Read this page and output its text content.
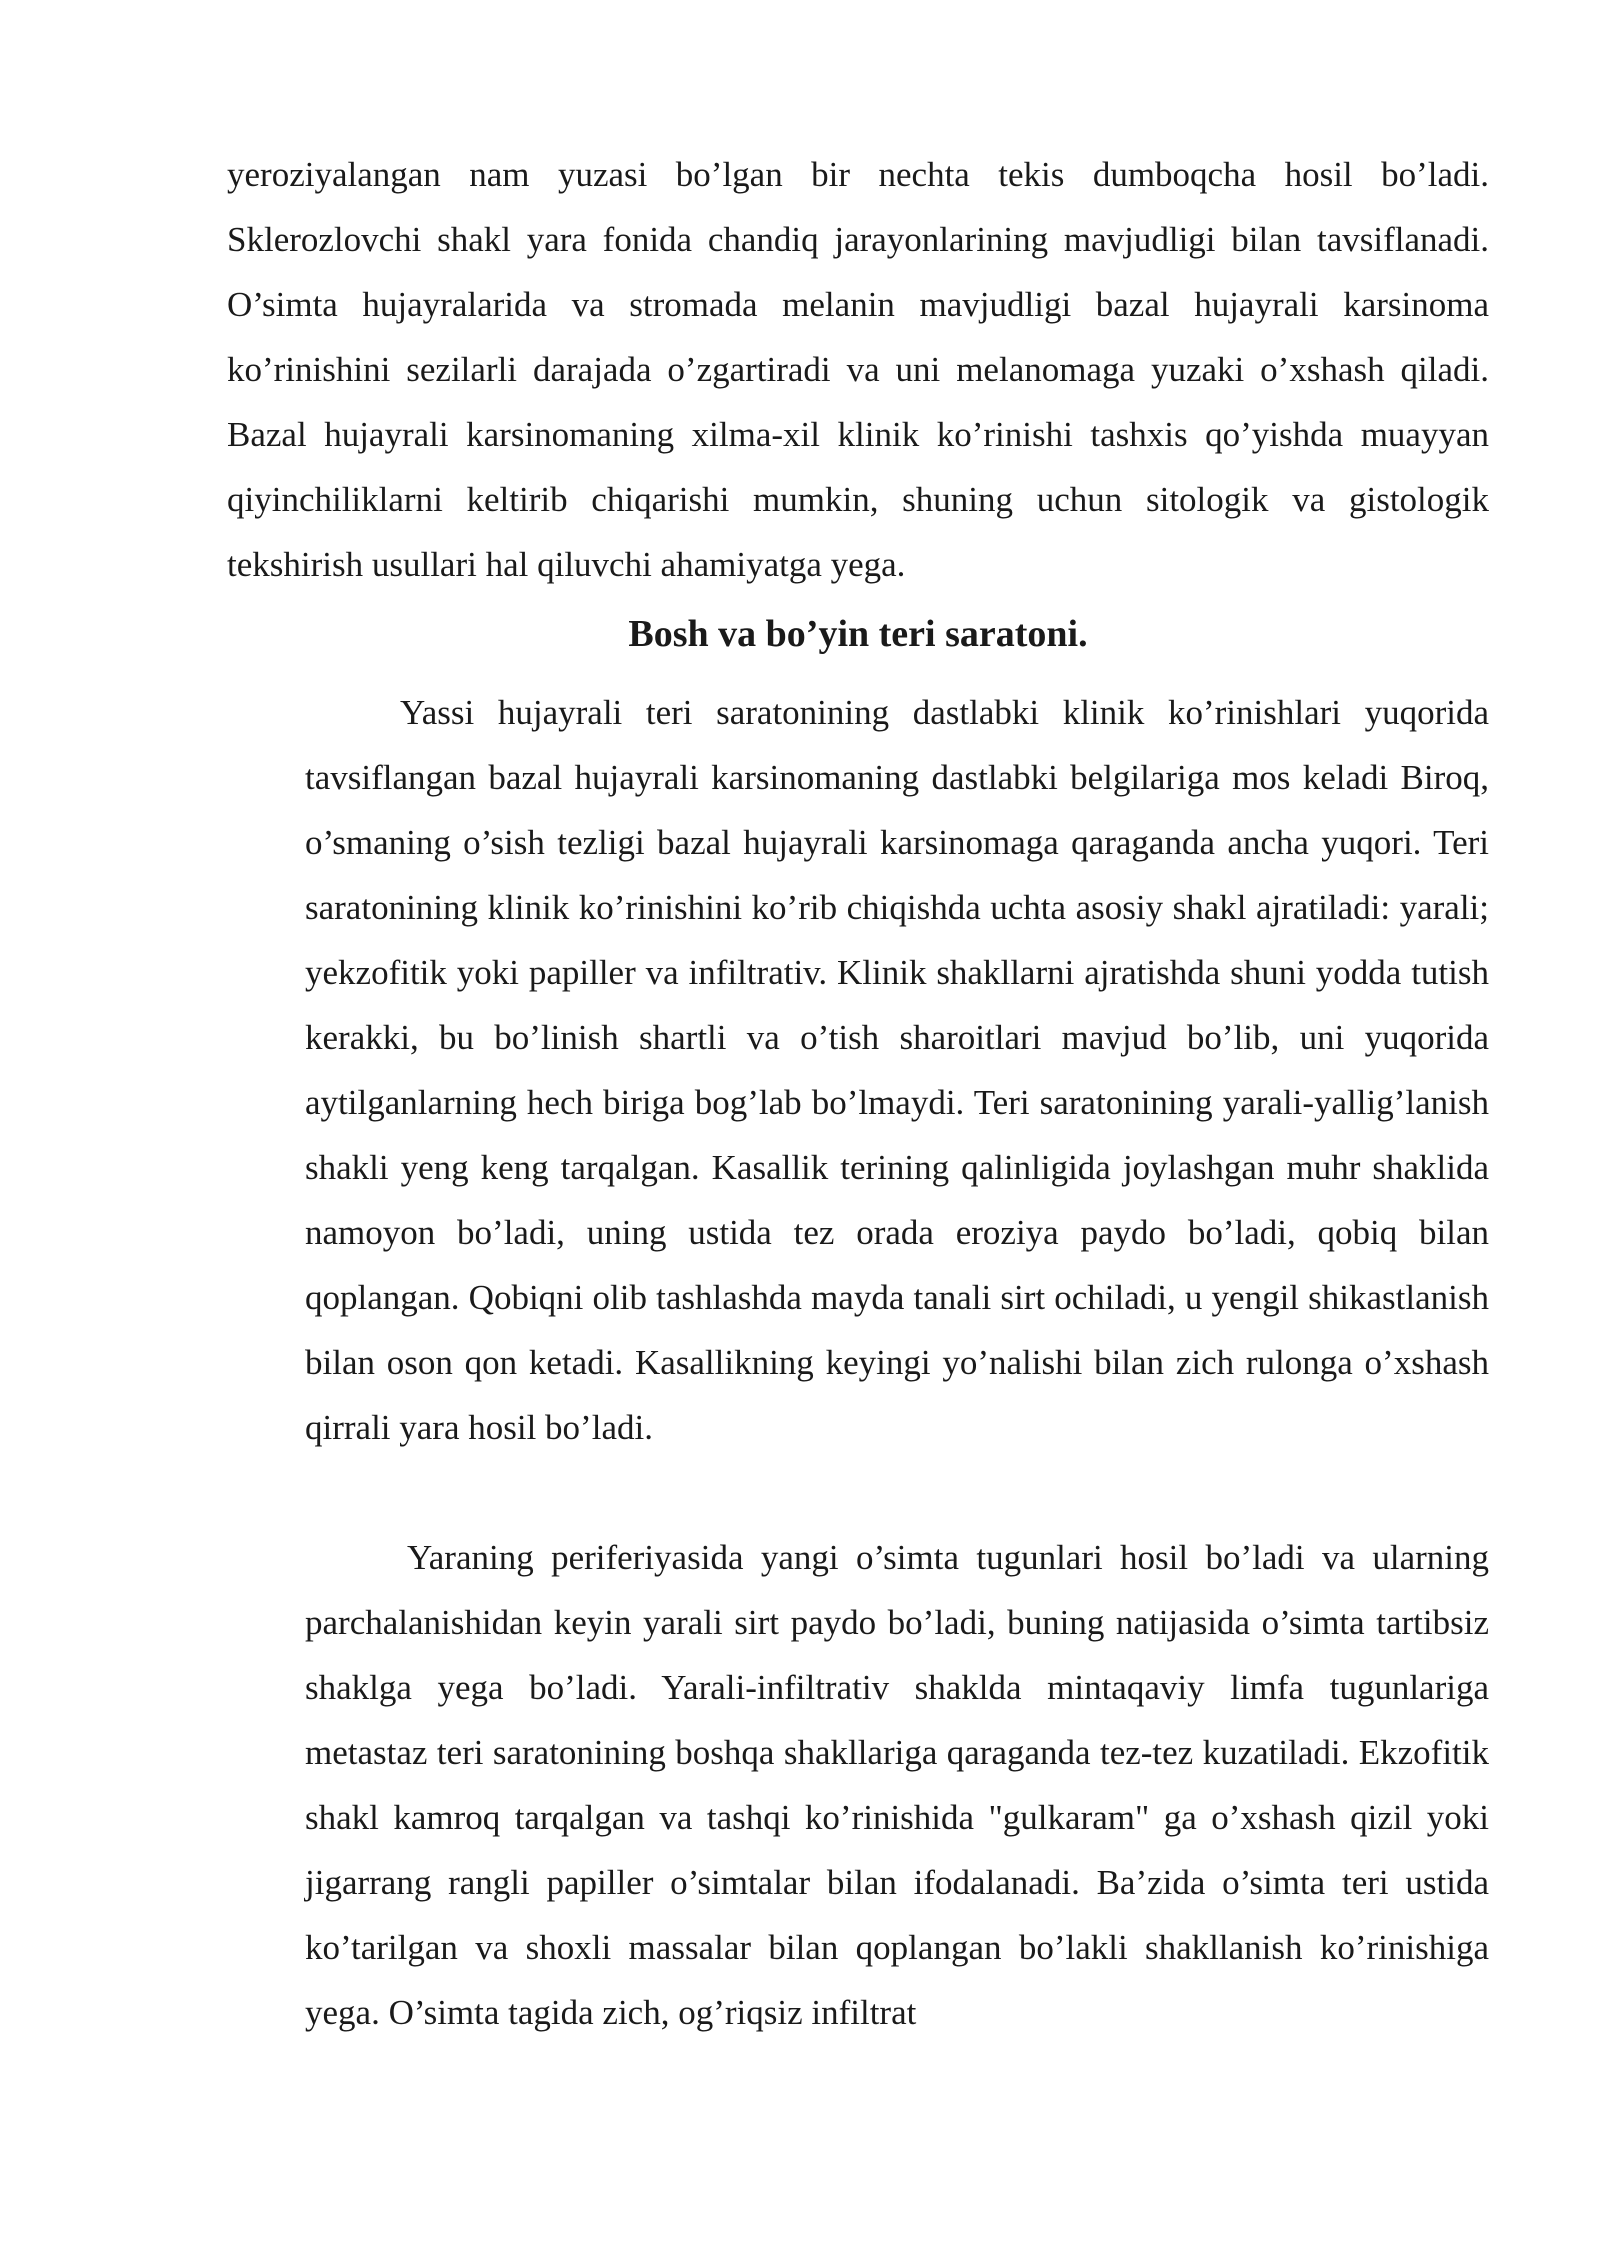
yeroziyalangan nam yuzasi bo’lgan bir nechta tekis dumboqcha hosil bo’ladi. Sklerozlovchi shakl yara fonida chandiq jarayonlarining mavjudligi bilan tavsiflanadi. O’simta hujayralarida va stromada melanin mavjudligi bazal hujayrali karsinoma ko’rinishini sezilarli darajada o’zgartiradi va uni melanomaga yuzaki o’xshash qiladi. Bazal hujayrali karsinomaning xilma-xil klinik ko’rinishi tashxis qo’yishda muayyan qiyinchiliklarni keltirib chiqarishi mumkin, shuning uchun sitologik va gistologik tekshirish usullari hal qiluvchi ahamiyatga yega.

Bosh va bo’yin teri saratoni.

Yassi hujayrali teri saratonining dastlabki klinik ko’rinishlari yuqorida tavsiflangan bazal hujayrali karsinomaning dastlabki belgilariga mos keladi Biroq, o’smaning o’sish tezligi bazal hujayrali karsinomaga qaraganda ancha yuqori. Teri saratonining klinik ko’rinishini ko’rib chiqishda uchta asosiy shakl ajratiladi: yarali; yekzofitik yoki papiller va infiltrativ. Klinik shakllarni ajratishda shuni yodda tutish kerakki, bu bo’linish shartli va o’tish sharoitlari mavjud bo’lib, uni yuqorida aytilganlarning hech biriga bog’lab bo’lmaydi. Teri saratonining yarali-yallig’lanish shakli yeng keng tarqalgan. Kasallik terining qalinligida joylashgan muhr shaklida namoyon bo’ladi, uning ustida tez orada eroziya paydo bo’ladi, qobiq bilan qoplangan. Qobiqni olib tashlashda mayda tanali sirt ochiladi, u yengil shikastlanish bilan oson qon ketadi. Kasallikning keyingi yo’nalishi bilan zich rulonga o’xshash qirrali yara hosil bo’ladi.

Yaraning periferiyasida yangi o’simta tugunlari hosil bo’ladi va ularning parchalanishidan keyin yarali sirt paydo bo’ladi, buning natijasida o’simta tartibsiz shaklga yega bo’ladi. Yarali-infiltrativ shaklda mintaqaviy limfa tugunlariga metastaz teri saratonining boshqa shakllariga qaraganda tez-tez kuzatiladi. Ekzofitik shakl kamroq tarqalgan va tashqi ko’rinishida "gulkaram" ga o’xshash qizil yoki jigarrang rangli papiller o’simtalar bilan ifodalanadi. Ba’zida o’simta teri ustida ko’tarilgan va shoxli massalar bilan qoplangan bo’lakli shakllanish ko’rinishiga yega. O’simta tagida zich, og’riqsiz infiltrat
